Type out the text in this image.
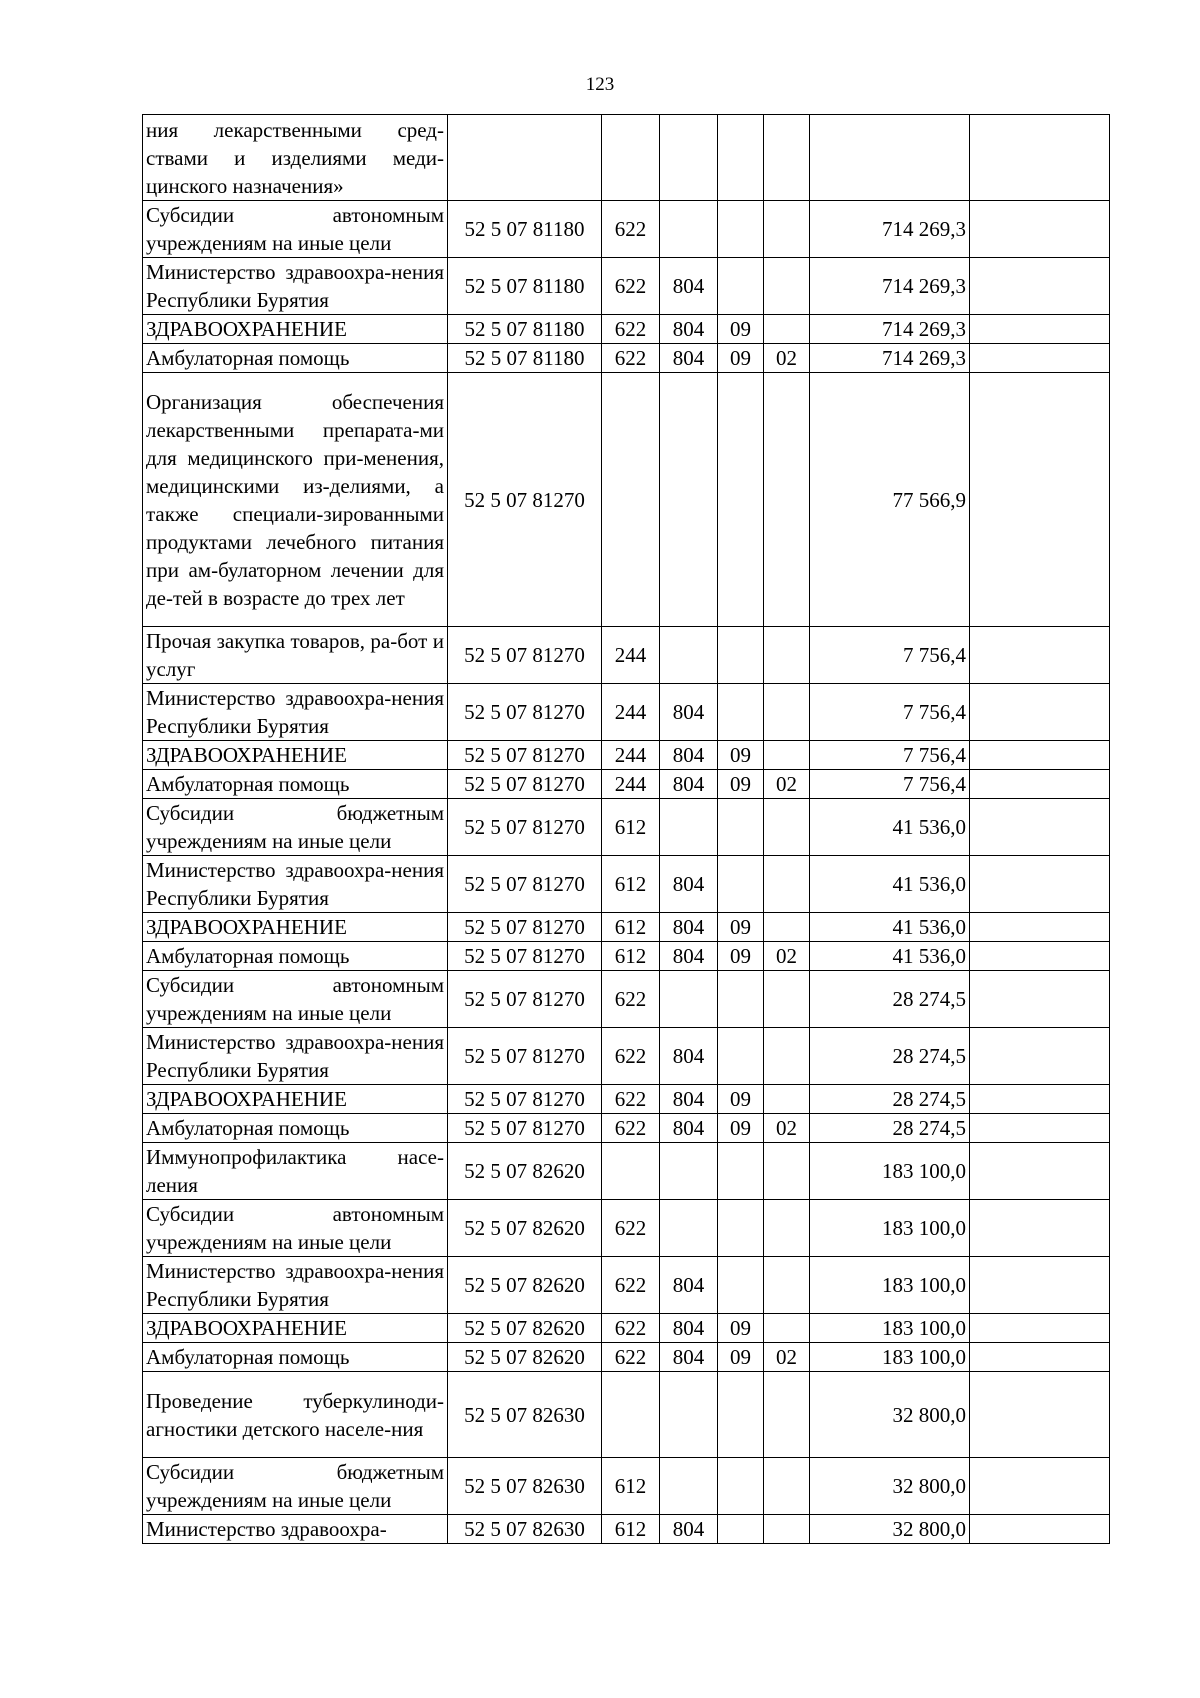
123
ния лекарственными сред-ствами и изделиями меди-цинского назначения»							
Субсидии автономным учреждениям на иные цели	52 5 07 81180	622				714 269,3	
Министерство здравоохра-нения Республики Бурятия	52 5 07 81180	622	804			714 269,3	
ЗДРАВООХРАНЕНИЕ	52 5 07 81180	622	804	09		714 269,3	
Амбулаторная помощь	52 5 07 81180	622	804	09	02	714 269,3	
Организация обеспечения лекарственными препарата-ми для медицинского при-менения, медицинскими из-делиями, а также специали-зированными продуктами лечебного питания при ам-булаторном лечении для де-тей в возрасте до трех лет	52 5 07 81270					77 566,9	
Прочая закупка товаров, ра-бот и услуг	52 5 07 81270	244				7 756,4	
Министерство здравоохра-нения Республики Бурятия	52 5 07 81270	244	804			7 756,4	
ЗДРАВООХРАНЕНИЕ	52 5 07 81270	244	804	09		7 756,4	
Амбулаторная помощь	52 5 07 81270	244	804	09	02	7 756,4	
Субсидии бюджетным учреждениям на иные цели	52 5 07 81270	612				41 536,0	
Министерство здравоохра-нения Республики Бурятия	52 5 07 81270	612	804			41 536,0	
ЗДРАВООХРАНЕНИЕ	52 5 07 81270	612	804	09		41 536,0	
Амбулаторная помощь	52 5 07 81270	612	804	09	02	41 536,0	
Субсидии автономным учреждениям на иные цели	52 5 07 81270	622				28 274,5	
Министерство здравоохра-нения Республики Бурятия	52 5 07 81270	622	804			28 274,5	
ЗДРАВООХРАНЕНИЕ	52 5 07 81270	622	804	09		28 274,5	
Амбулаторная помощь	52 5 07 81270	622	804	09	02	28 274,5	
Иммунопрофилактика насе-ления	52 5 07 82620					183 100,0	
Субсидии автономным учреждениям на иные цели	52 5 07 82620	622				183 100,0	
Министерство здравоохра-нения Республики Бурятия	52 5 07 82620	622	804			183 100,0	
ЗДРАВООХРАНЕНИЕ	52 5 07 82620	622	804	09		183 100,0	
Амбулаторная помощь	52 5 07 82620	622	804	09	02	183 100,0	
Проведение туберкулиноди-агностики детского населе-ния	52 5 07 82630					32 800,0	
Субсидии бюджетным учреждениям на иные цели	52 5 07 82630	612				32 800,0	
Министерство здравоохра-	52 5 07 82630	612	804			32 800,0	
